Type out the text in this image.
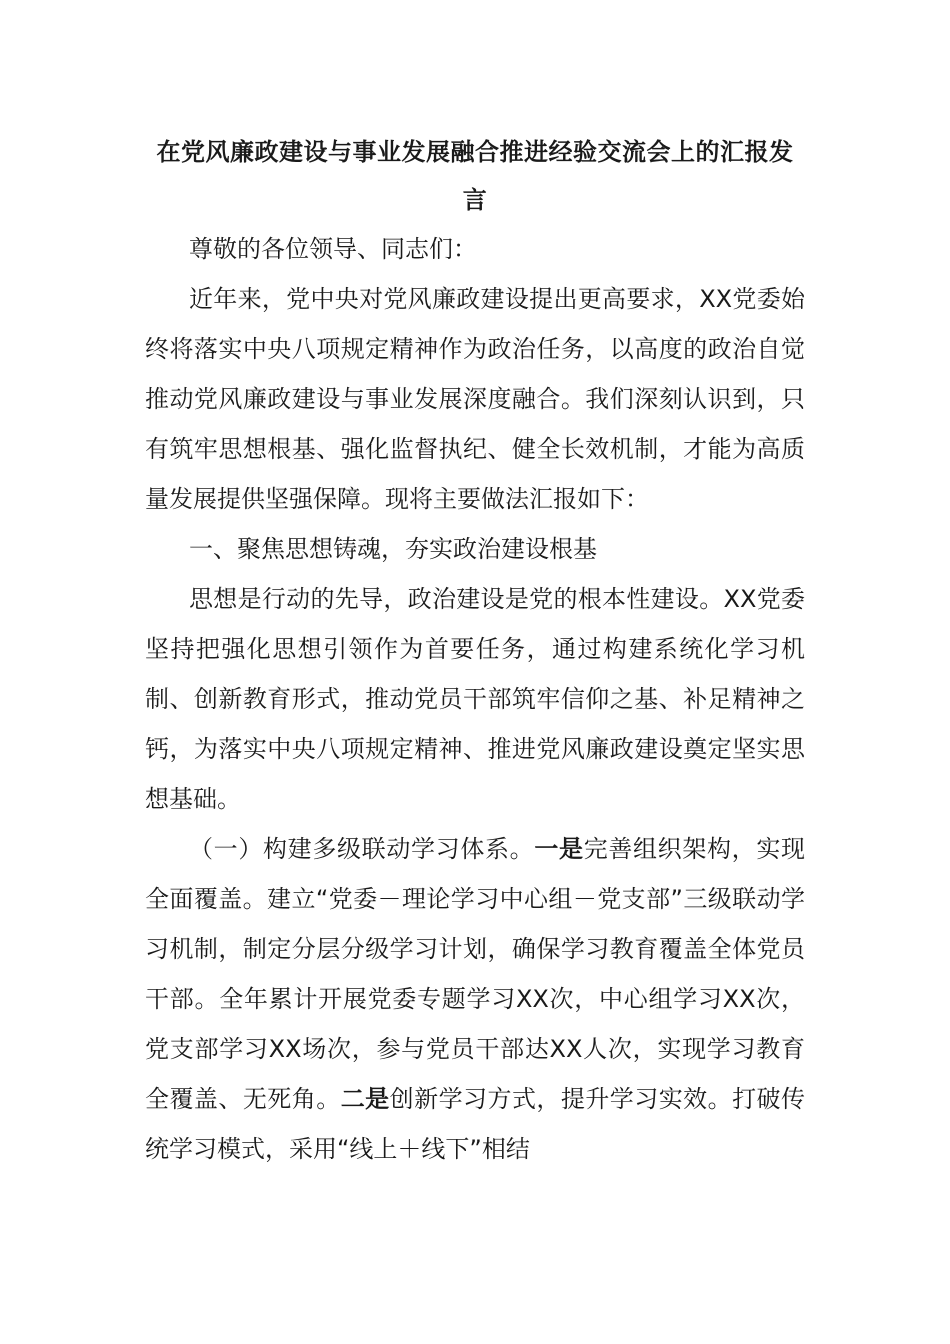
在党风廉政建设与事业发展融合推进经验交流会上的汇报发言

尊敬的各位领导、同志们：

近年来，党中央对党风廉政建设提出更高要求，XX党委始终将落实中央八项规定精神作为政治任务，以高度的政治自觉推动党风廉政建设与事业发展深度融合。我们深刻认识到，只有筑牢思想根基、强化监督执纪、健全长效机制，才能为高质量发展提供坚强保障。现将主要做法汇报如下：

一、聚焦思想铸魂，夯实政治建设根基

思想是行动的先导，政治建设是党的根本性建设。XX党委坚持把强化思想引领作为首要任务，通过构建系统化学习机制、创新教育形式，推动党员干部筑牢信仰之基、补足精神之钙，为落实中央八项规定精神、推进党风廉政建设奠定坚实思想基础。

（一）构建多级联动学习体系。一是完善组织架构，实现全面覆盖。建立“党委－理论学习中心组－党支部”三级联动学习机制，制定分层分级学习计划，确保学习教育覆盖全体党员干部。全年累计开展党委专题学习XX次，中心组学习XX次，党支部学习XX场次，参与党员干部达XX人次，实现学习教育全覆盖、无死角。二是创新学习方式，提升学习实效。打破传统学习模式，采用“线上＋线下”相结
